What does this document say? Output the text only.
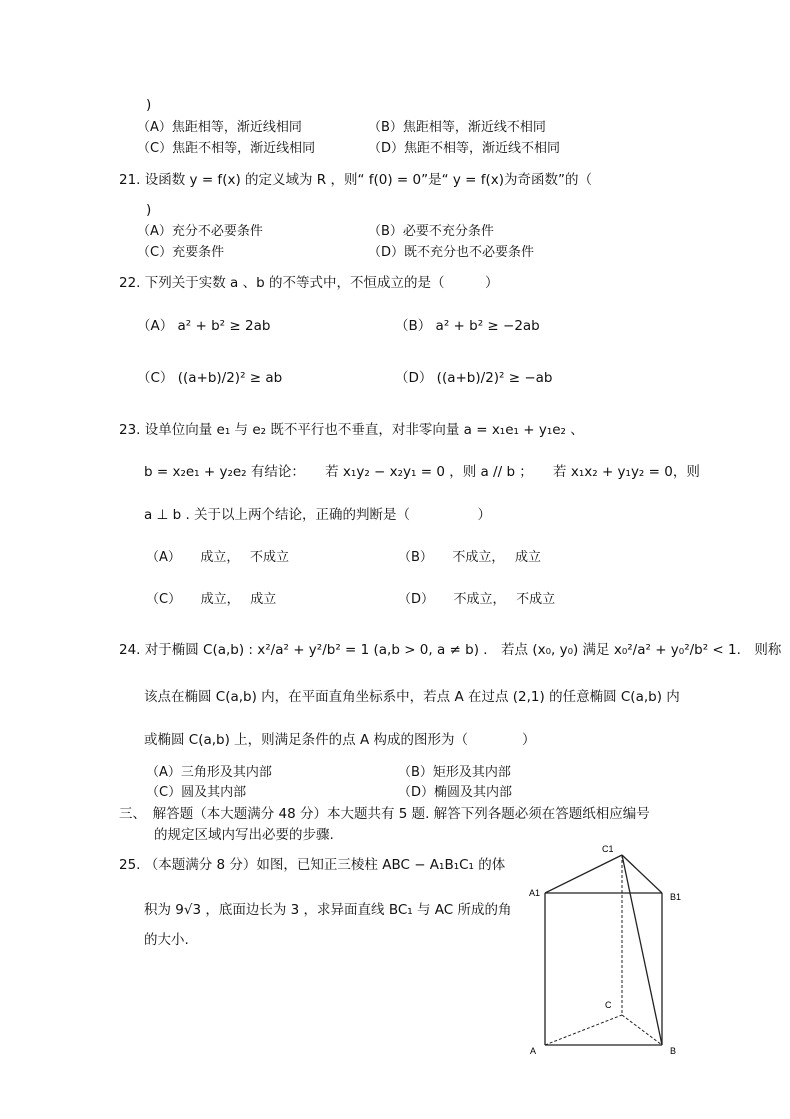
)
（A）焦距相等，渐近线相同	（B）焦距相等，渐近线不相同
（C）焦距不相等，渐近线相同	（D）焦距不相等，渐近线不相同
21. 设函数 y = f(x) 的定义域为 R ，则“ f(0) = 0”是“ y = f(x)为奇函数”的（
)
（A）充分不必要条件	（B）必要不充分条件
（C）充要条件	（D）既不充分也不必要条件
22. 下列关于实数 a 、b 的不等式中，不恒成立的是（　　　）
（A） a² + b² ≥ 2ab	（B） a² + b² ≥ −2ab
（C） ((a+b)/2)² ≥ ab	（D） ((a+b)/2)² ≥ −ab
23. 设单位向量 e₁ 与 e₂ 既不平行也不垂直，对非零向量 a = x₁e₁ + y₁e₂ 、
b = x₂e₁ + y₂e₂ 有结论：　　若 x₁y₂ − x₂y₁ = 0 ，则 a // b ；　　若 x₁x₂ + y₁y₂ = 0，则
a ⊥ b . 关于以上两个结论，正确的判断是（　　　　　）
（A）　　成立，　 不成立	（B）　　不成立，　 成立
（C）　　成立，　 成立	（D）　　不成立，　 不成立
24. 对于椭圆 C(a,b) : x²/a² + y²/b² = 1 (a,b > 0, a ≠ b) .　若点 (x₀, y₀) 满足 x₀²/a² + y₀²/b² < 1.　则称
该点在椭圆 C(a,b) 内，在平面直角坐标系中，若点 A 在过点 (2,1) 的任意椭圆 C(a,b) 内
或椭圆 C(a,b) 上，则满足条件的点 A 构成的图形为（　　　　）
（A）三角形及其内部	（B）矩形及其内部
（C）圆及其内部	（D）椭圆及其内部
三、　解答题（本大题满分 48 分）本大题共有 5 题. 解答下列各题必须在答题纸相应编号
的规定区域内写出必要的步骤.
25. （本题满分 8 分）如图，已知正三棱柱 ABC − A₁B₁C₁ 的体
积为 9√3 ，底面边长为 3 ，求异面直线 BC₁ 与 AC 所成的角
的大小.
C1
A1	B1
C
A	B
